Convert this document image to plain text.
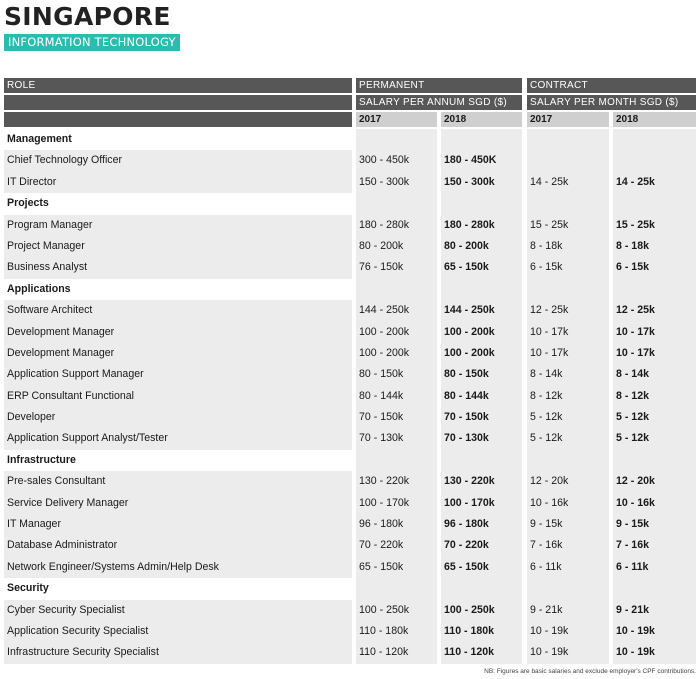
SINGAPORE
INFORMATION TECHNOLOGY
ROLE	PERMANENT	CONTRACT
SALARY PER ANNUM SGD ($)	SALARY PER MONTH SGD ($)
2017	2018	2017	2018
Management
Chief Technology Officer	300 - 450k	180 - 450K
IT Director	150 - 300k	150 - 300k	14 - 25k	14 - 25k
Projects
Program Manager	180 - 280k	180 - 280k	15 - 25k	15 - 25k
Project Manager	80 - 200k	80 - 200k	8 - 18k	8 - 18k
Business Analyst	76 - 150k	65 - 150k	6 - 15k	6 - 15k
Applications
Software Architect	144 - 250k	144 - 250k	12 - 25k	12 - 25k
Development Manager	100 - 200k	100 - 200k	10 - 17k	10 - 17k
Development Manager	100 - 200k	100 - 200k	10 - 17k	10 - 17k
Application Support Manager	80 - 150k	80 - 150k	8 - 14k	8 - 14k
ERP Consultant Functional	80 - 144k	80 - 144k	8 - 12k	8 - 12k
Developer	70 - 150k	70 - 150k	5 - 12k	5 - 12k
Application Support Analyst/Tester	70 - 130k	70 - 130k	5 - 12k	5 - 12k
Infrastructure
Pre-sales Consultant	130 - 220k	130 - 220k	12 - 20k	12 - 20k
Service Delivery Manager	100 - 170k	100 - 170k	10 - 16k	10 - 16k
IT Manager	96 - 180k	96 - 180k	9 - 15k	9 - 15k
Database Administrator	70 - 220k	70 - 220k	7 - 16k	7 - 16k
Network Engineer/Systems Admin/Help Desk	65 - 150k	65 - 150k	6 - 11k	6 - 11k
Security
Cyber Security Specialist	100 - 250k	100 - 250k	9 - 21k	9 - 21k
Application Security Specialist	110 - 180k	110 - 180k	10 - 19k	10 - 19k
Infrastructure Security Specialist	110 - 120k	110 - 120k	10 - 19k	10 - 19k
NB: Figures are basic salaries and exclude employer's CPF contributions.
